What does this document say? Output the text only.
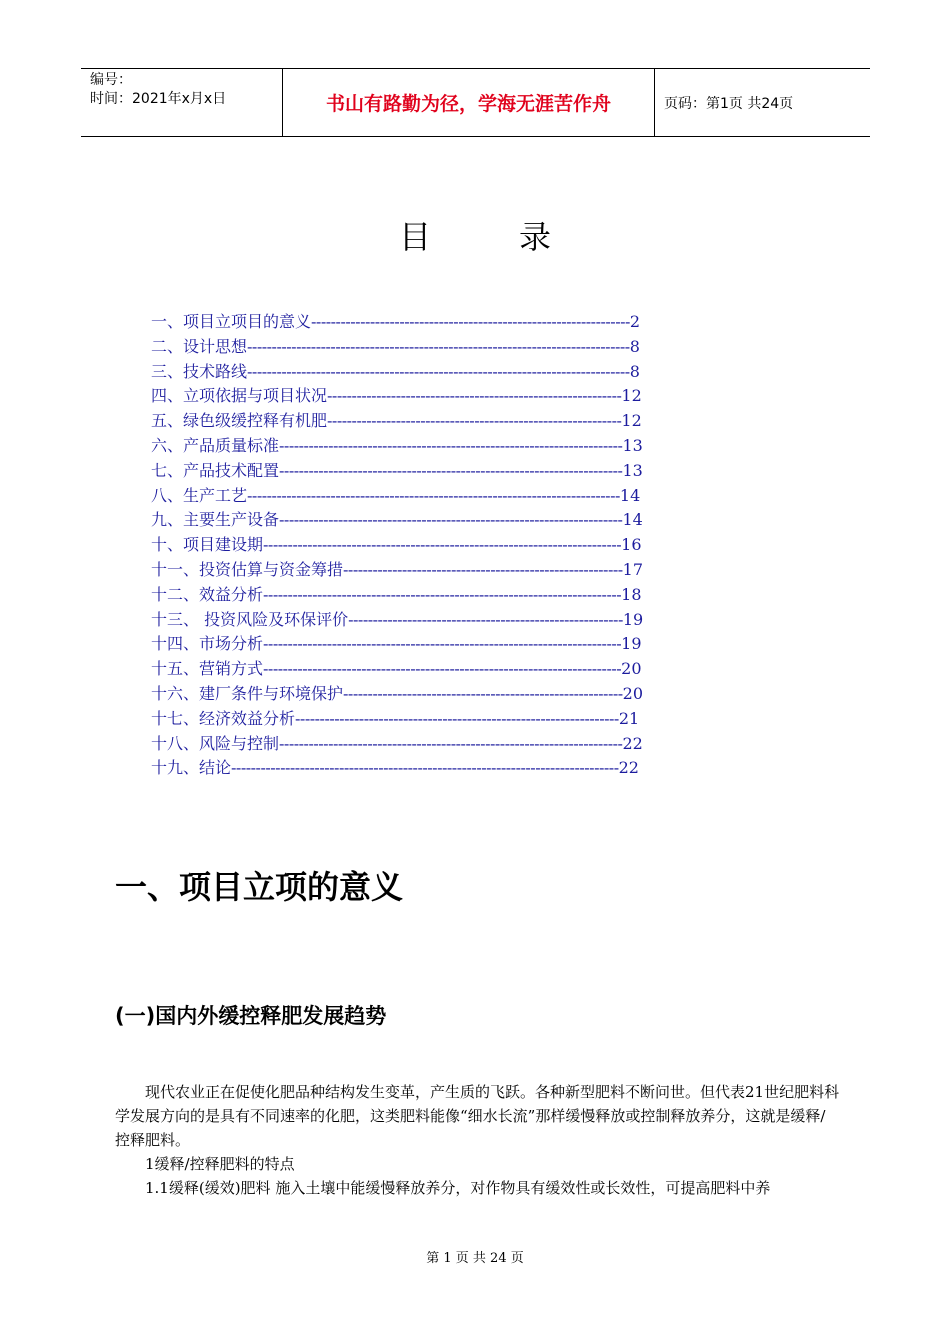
编号：
时间：2021年x月x日	书山有路勤为径，学海无涯苦作舟	页码：第1页 共24页
目录
一、项目立项目的意义-----------------------------------------------------------------2
二、设计思想------------------------------------------------------------------------------8
三、技术路线------------------------------------------------------------------------------8
四、立项依据与项目状况------------------------------------------------------------12
五、绿色级缓控释有机肥------------------------------------------------------------12
六、产品质量标准----------------------------------------------------------------------13
七、产品技术配置----------------------------------------------------------------------13
八、生产工艺----------------------------------------------------------------------------14
九、主要生产设备----------------------------------------------------------------------14
十、项目建设期-------------------------------------------------------------------------16
十一、投资估算与资金筹措---------------------------------------------------------17
十二、效益分析-------------------------------------------------------------------------18
十三、 投资风险及环保评价--------------------------------------------------------19
十四、市场分析-------------------------------------------------------------------------19
十五、营销方式-------------------------------------------------------------------------20
十六、建厂条件与环境保护---------------------------------------------------------20
十七、经济效益分析------------------------------------------------------------------21
十八、风险与控制----------------------------------------------------------------------22
十九、结论-------------------------------------------------------------------------------22
一、项目立项的意义
(一)国内外缓控释肥发展趋势

现代农业正在促使化肥品种结构发生变革，产生质的飞跃。各种新型肥料不断问世。但代表21世纪肥料科学发展方向的是具有不同速率的化肥，这类肥料能像“细水长流”那样缓慢释放或控制释放养分，这就是缓释/控释肥料。

1缓释/控释肥料的特点

1.1缓释(缓效)肥料 施入土壤中能缓慢释放养分，对作物具有缓效性或长效性，可提高肥料中养

第 1 页 共 24 页
